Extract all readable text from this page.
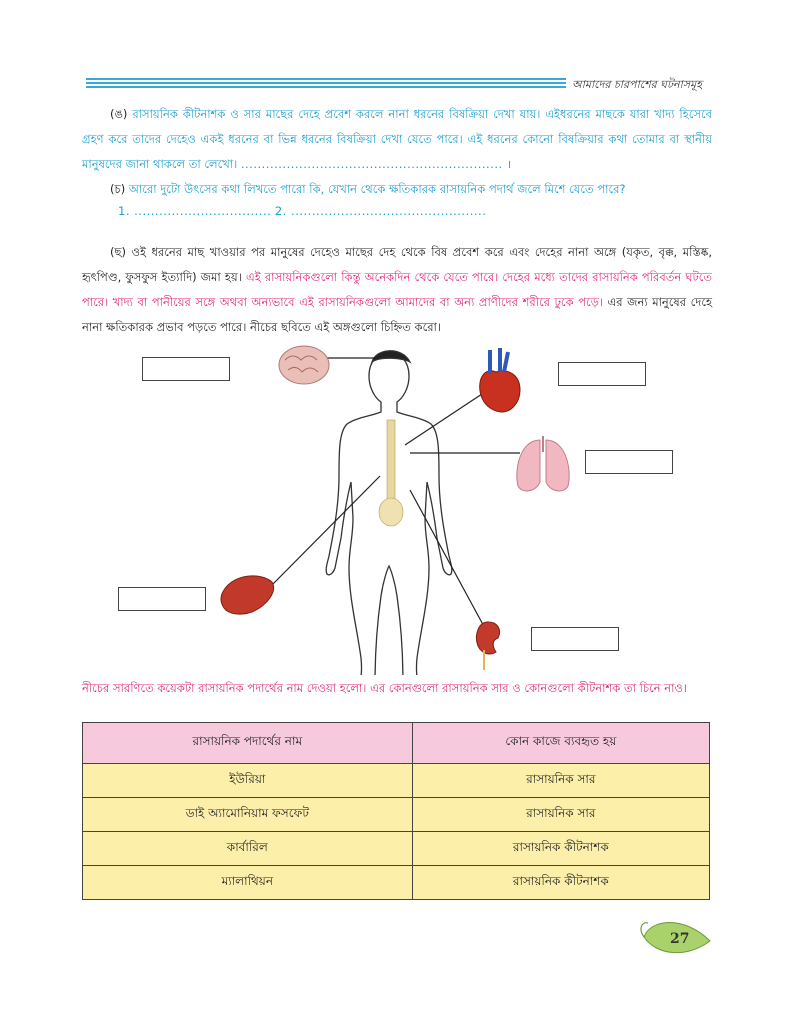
আমাদের চারপাশের ঘটনাসমূহ
(ঙ) রাসায়নিক কীটনাশক ও সার মাছের দেহে প্রবেশ করলে নানা ধরনের বিষক্রিয়া দেখা যায়। এইধরনের মাছকে যারা খাদ্য হিসেবে গ্রহণ করে তাদের দেহেও একই ধরনের বা ভিন্ন ধরনের বিষক্রিয়া দেখা যেতে পারে। এই ধরনের কোনো বিষক্রিয়ার কথা তোমার বা স্থানীয় মানুষদের জানা থাকলে তা লেখো। ............................................................... ।
(চ) আরো দুটো উৎসের কথা লিখতে পারো কি, যেখান থেকে ক্ষতিকারক রাসায়নিক পদার্থ জলে মিশে যেতে পারে?
1. ................................. 2. ...............................................
(ছ) ওই ধরনের মাছ খাওয়ার পর মানুষের দেহেও মাছের দেহ থেকে বিষ প্রবেশ করে এবং দেহের নানা অঙ্গে (যকৃত, বৃক্ক, মস্তিষ্ক, হৃৎপিণ্ড, ফুসফুস ইত্যাদি) জমা হয়। এই রাসায়নিকগুলো কিন্তু অনেকদিন থেকে যেতে পারে। দেহের মধ্যে তাদের রাসায়নিক পরিবর্তন ঘটতে পারে। খাদ্য বা পানীয়ের সঙ্গে অথবা অন্যভাবে এই রাসায়নিকগুলো আমাদের বা অন্য প্রাণীদের শরীরে ঢুকে পড়ে। এর জন্য মানুষের দেহে নানা ক্ষতিকারক প্রভাব পড়তে পারে। নীচের ছবিতে এই অঙ্গগুলো চিহ্নিত করো।
নীচের সারণিতে কয়েকটা রাসায়নিক পদার্থের নাম দেওয়া হলো। এর কোনগুলো রাসায়নিক সার ও কোনগুলো কীটনাশক তা চিনে নাও।
রাসায়নিক পদার্থের নাম	কোন কাজে ব্যবহৃত হয়
ইউরিয়া	রাসায়নিক সার
ডাই অ্যামোনিয়াম ফসফেট	রাসায়নিক সার
কার্বারিল	রাসায়নিক কীটনাশক
ম্যালাথিয়ন	রাসায়নিক কীটনাশক
27
